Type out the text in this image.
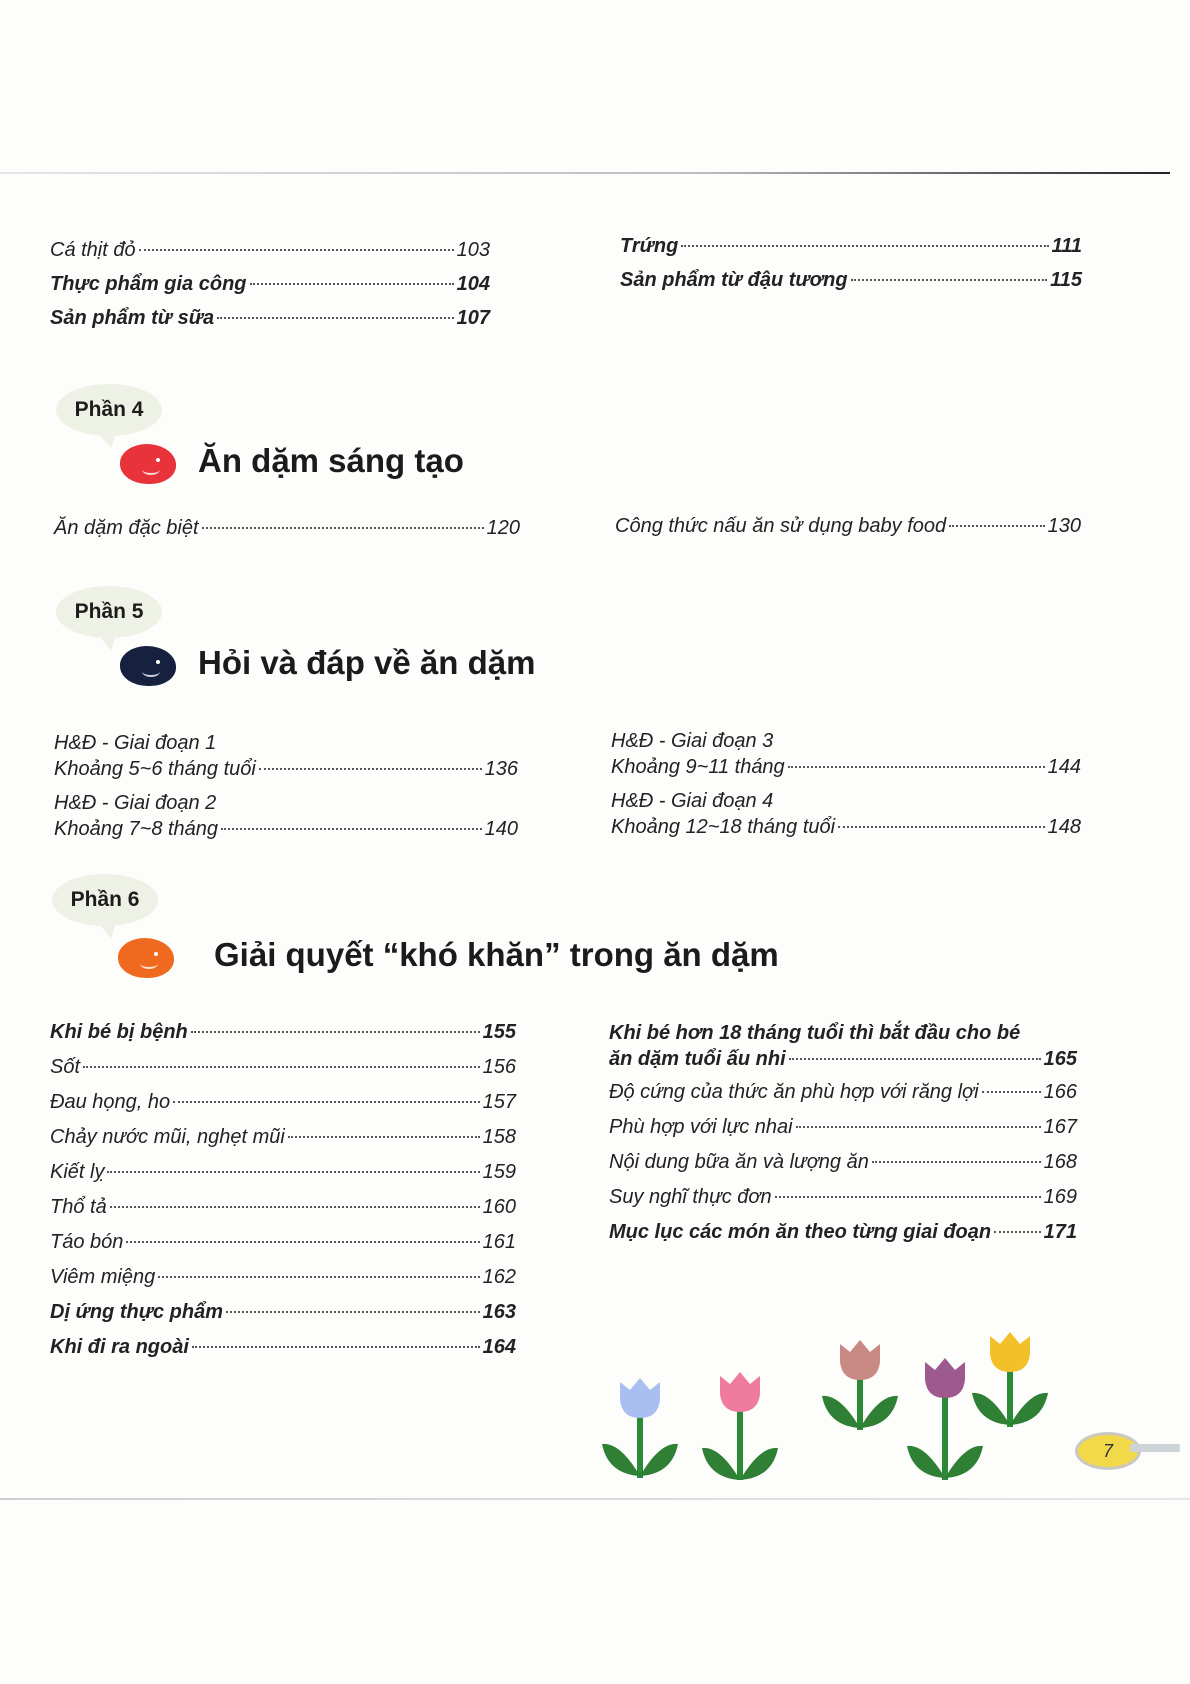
Cá thịt đỏ	103
Thực phẩm gia công	104
Sản phẩm từ sữa	107
Trứng	111
Sản phẩm từ đậu tương	115
Phần 4
Ăn dặm sáng tạo
Ăn dặm đặc biệt	120	Công thức nấu ăn sử dụng baby food	130
Phần 5
Hỏi và đáp về ăn dặm
H&Đ - Giai đoạn 1
Khoảng 5~6 tháng tuổi	136
H&Đ - Giai đoạn 2
Khoảng 7~8 tháng	140
H&Đ - Giai đoạn 3
Khoảng 9~11 tháng	144
H&Đ - Giai đoạn 4
Khoảng 12~18 tháng tuổi	148
Phần 6
Giải quyết “khó khăn” trong ăn dặm
Khi bé bị bệnh	155
Sốt	156
Đau họng, ho	157
Chảy nước mũi, nghẹt mũi	158
Kiết lỵ	159
Thổ tả	160
Táo bón	161
Viêm miệng	162
Dị ứng thực phẩm	163
Khi đi ra ngoài	164
Khi bé hơn 18 tháng tuổi thì bắt đầu cho bé
ăn dặm tuổi ấu nhi	165
Độ cứng của thức ăn phù hợp với răng lợi	166
Phù hợp với lực nhai	167
Nội dung bữa ăn và lượng ăn	168
Suy nghĩ thực đơn	169
Mục lục các món ăn theo từng giai đoạn	171
7
